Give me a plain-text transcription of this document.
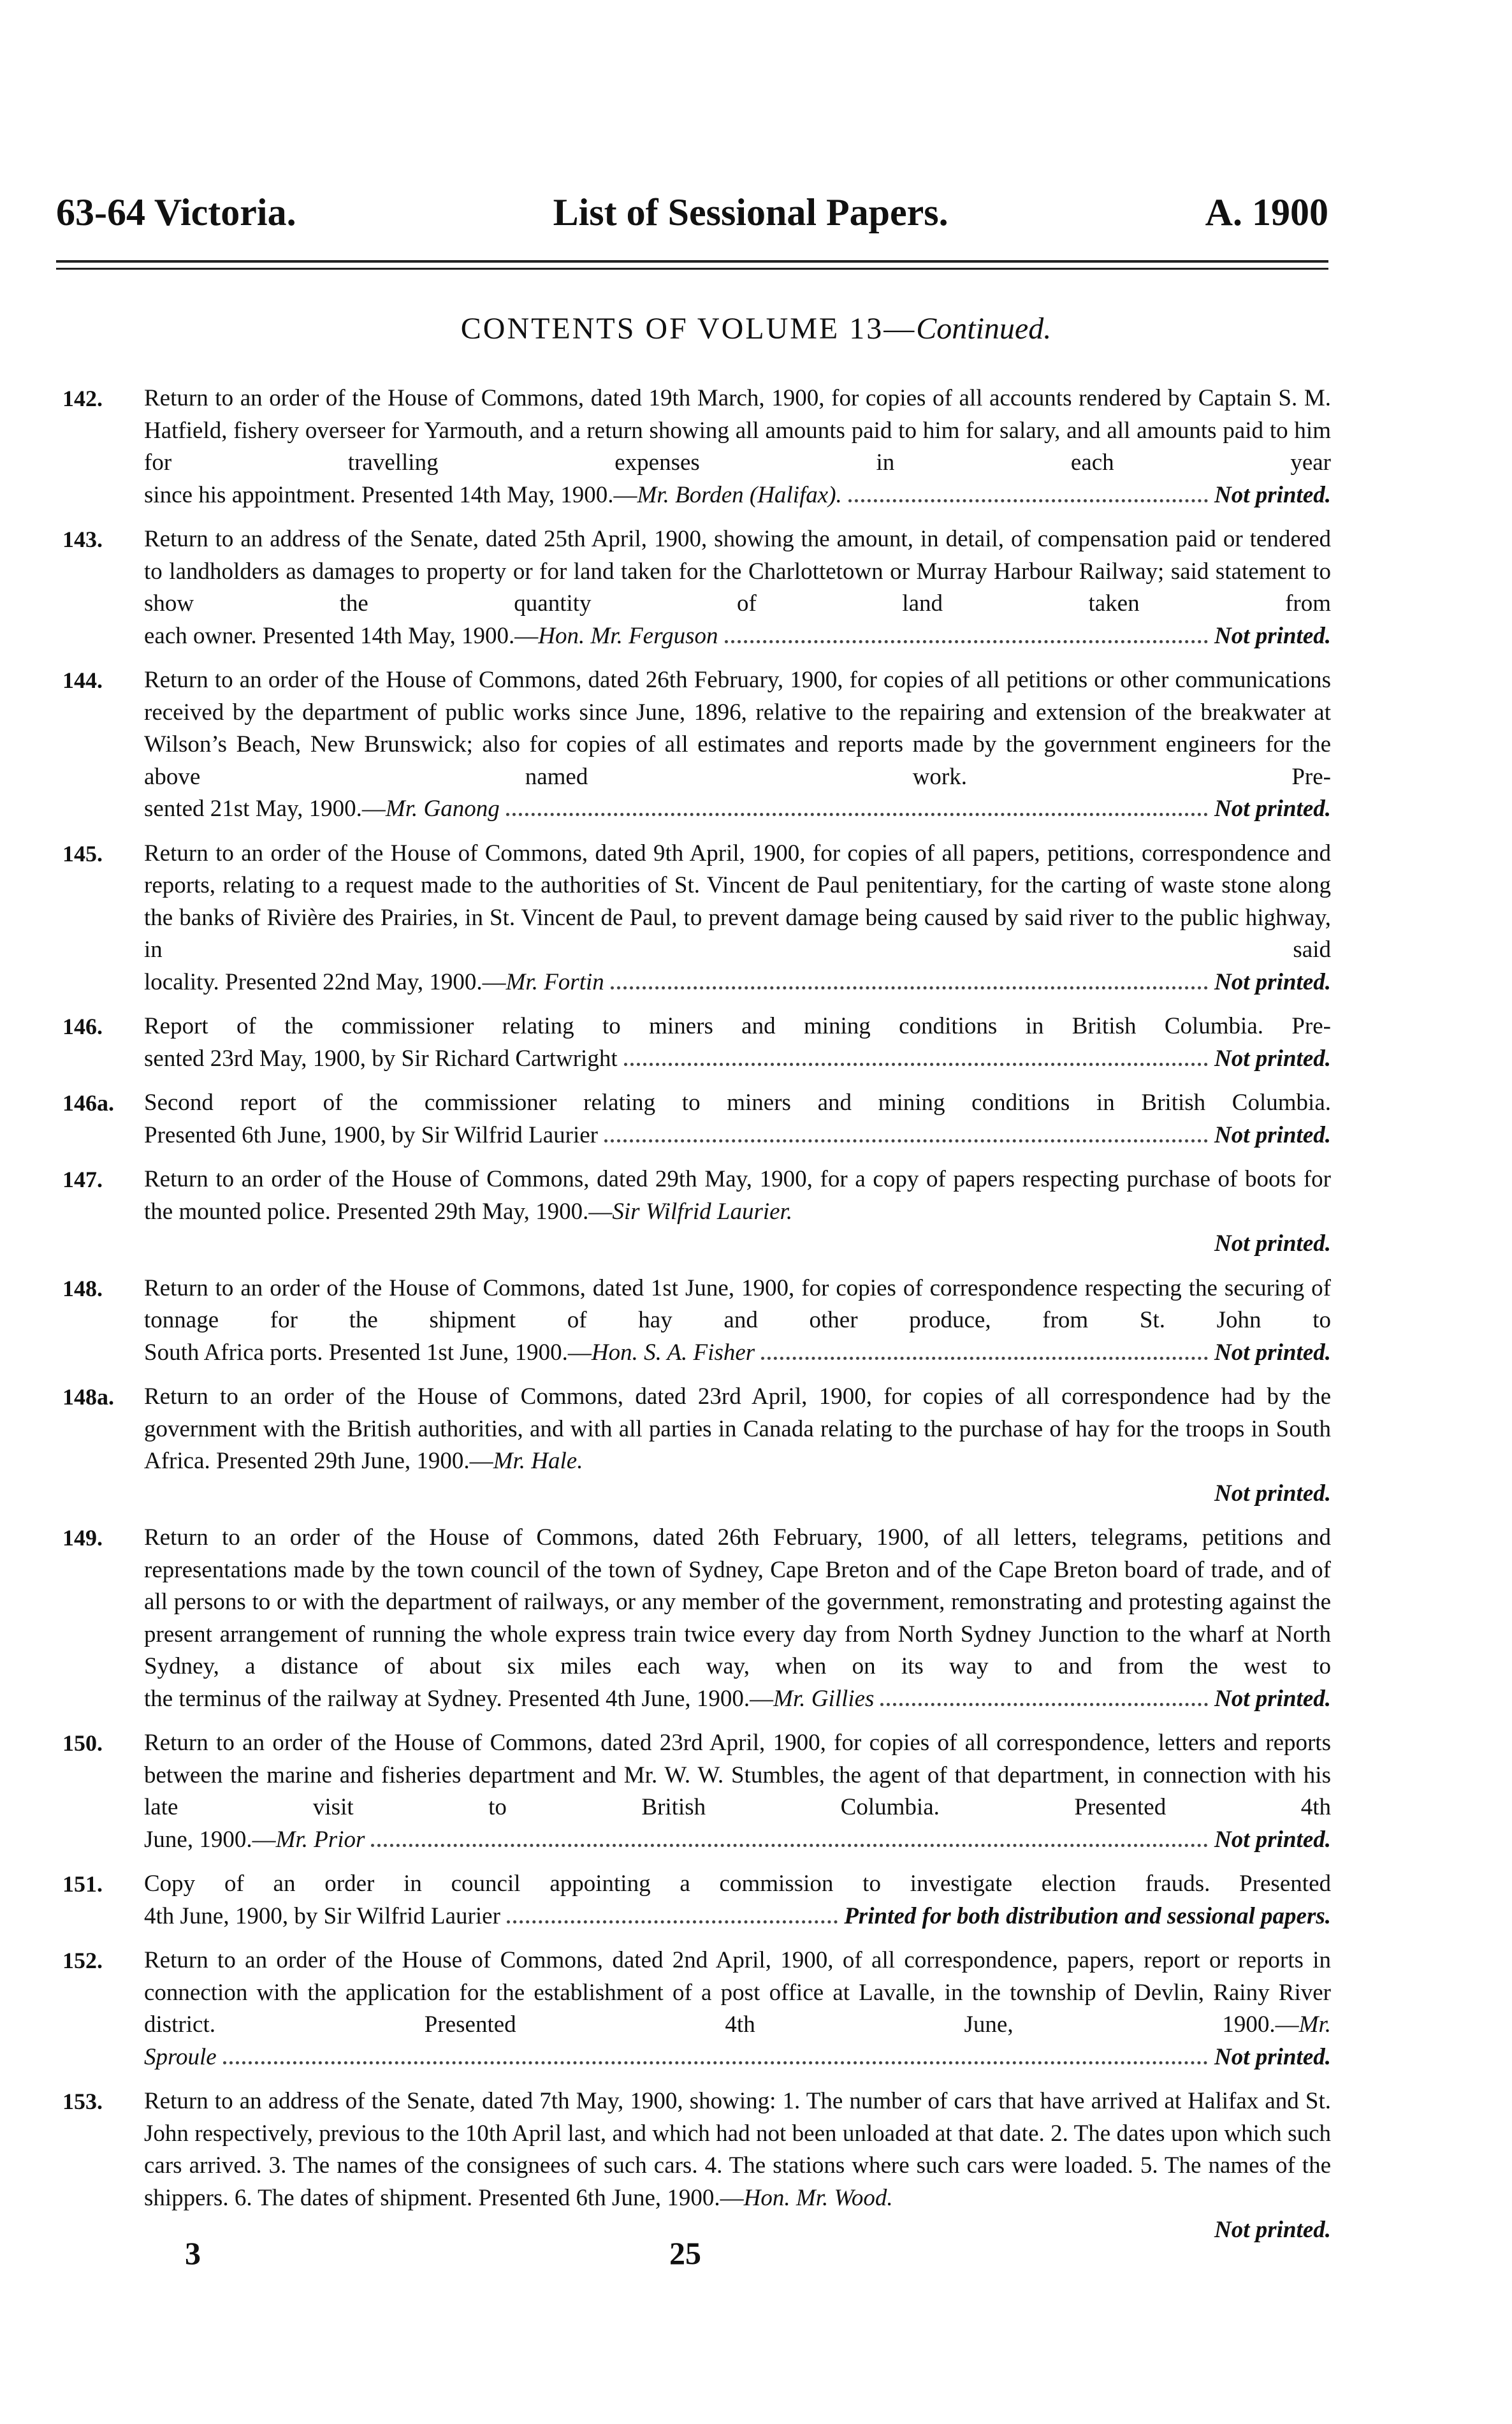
63-64 Victoria.	List of Sessional Papers.	A. 1900
CONTENTS OF VOLUME 13—Continued.
142. Return to an order of the House of Commons, dated 19th March, 1900, for copies of all accounts rendered by Captain S. M. Hatfield, fishery overseer for Yarmouth, and a return showing all amounts paid to him for salary, and all amounts paid to him for travelling expenses in each year
since his appointment. Presented 14th May, 1900.— Mr. Borden (Halifax).	Not printed.
143. Return to an address of the Senate, dated 25th April, 1900, showing the amount, in detail, of compensation paid or tendered to landholders as damages to property or for land taken for the Charlottetown or Murray Harbour Railway; said statement to show the quantity of land taken from
each owner. Presented 14th May, 1900.— Hon. Mr. Ferguson	Not printed.
144. Return to an order of the House of Commons, dated 26th February, 1900, for copies of all petitions or other communications received by the department of public works since June, 1896, relative to the repairing and extension of the breakwater at Wilson’s Beach, New Brunswick; also for copies of all estimates and reports made by the government engineers for the above named work. Pre-
sented 21st May, 1900.— Mr. Ganong	Not printed.
145. Return to an order of the House of Commons, dated 9th April, 1900, for copies of all papers, petitions, correspondence and reports, relating to a request made to the authorities of St. Vincent de Paul penitentiary, for the carting of waste stone along the banks of Rivière des Prairies, in St. Vincent de Paul, to prevent damage being caused by said river to the public highway, in said
locality. Presented 22nd May, 1900.— Mr. Fortin	Not printed.
146. Report of the commissioner relating to miners and mining conditions in British Columbia. Pre-
sented 23rd May, 1900, by Sir Richard Cartwright	Not printed.
146a. Second report of the commissioner relating to miners and mining conditions in British Columbia.
Presented 6th June, 1900, by Sir Wilfrid Laurier	Not printed.
147. Return to an order of the House of Commons, dated 29th May, 1900, for a copy of papers respecting purchase of boots for the mounted police. Presented 29th May, 1900.—Sir Wilfrid Laurier.
Not printed.
148. Return to an order of the House of Commons, dated 1st June, 1900, for copies of correspondence respecting the securing of tonnage for the shipment of hay and other produce, from St. John to
South Africa ports. Presented 1st June, 1900.— Hon. S. A. Fisher	Not printed.
148a. Return to an order of the House of Commons, dated 23rd April, 1900, for copies of all correspondence had by the government with the British authorities, and with all parties in Canada relating to the purchase of hay for the troops in South Africa. Presented 29th June, 1900.—Mr. Hale.
Not printed.
149. Return to an order of the House of Commons, dated 26th February, 1900, of all letters, telegrams, petitions and representations made by the town council of the town of Sydney, Cape Breton and of the Cape Breton board of trade, and of all persons to or with the department of railways, or any member of the government, remonstrating and protesting against the present arrangement of running the whole express train twice every day from North Sydney Junction to the wharf at North Sydney, a distance of about six miles each way, when on its way to and from the west to
the terminus of the railway at Sydney. Presented 4th June, 1900.— Mr. Gillies	Not printed.
150. Return to an order of the House of Commons, dated 23rd April, 1900, for copies of all correspondence, letters and reports between the marine and fisheries department and Mr. W. W. Stumbles, the agent of that department, in connection with his late visit to British Columbia. Presented 4th
June, 1900.— Mr. Prior	Not printed.
151. Copy of an order in council appointing a commission to investigate election frauds. Presented
4th June, 1900, by Sir Wilfrid Laurier	Printed for both distribution and sessional papers.
152. Return to an order of the House of Commons, dated 2nd April, 1900, of all correspondence, papers, report or reports in connection with the application for the establishment of a post office at Lavalle, in the township of Devlin, Rainy River district. Presented 4th June, 1900.—Mr.
Sproule	Not printed.
153. Return to an address of the Senate, dated 7th May, 1900, showing: 1. The number of cars that have arrived at Halifax and St. John respectively, previous to the 10th April last, and which had not been unloaded at that date. 2. The dates upon which such cars arrived. 3. The names of the consignees of such cars. 4. The stations where such cars were loaded. 5. The names of the shippers. 6. The dates of shipment. Presented 6th June, 1900.—Hon. Mr. Wood.
Not printed.
3	25
